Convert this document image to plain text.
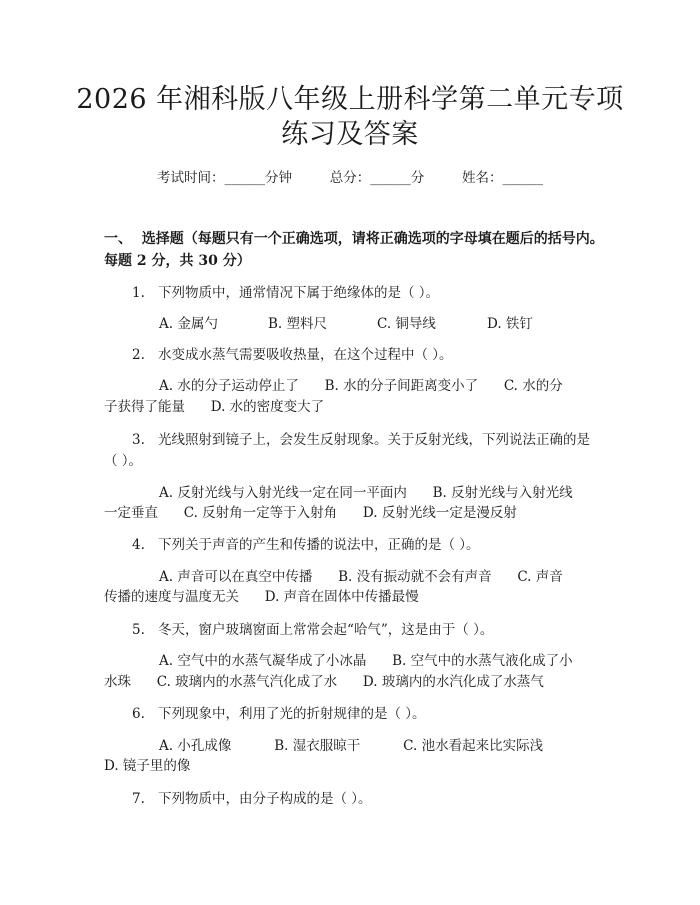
2026 年湘科版八年级上册科学第二单元专项
练习及答案
考试时间：______分钟      总分：______分      姓名：______
一、  选择题（每题只有一个正确选项，请将正确选项的字母填在题后的括号内。
每题 2 分，共 30 分）
1. 下列物质中，通常情况下属于绝缘体的是（ ）。
A. 金属勺	B. 塑料尺	C. 铜导线	D. 铁钉
2. 水变成水蒸气需要吸收热量，在这个过程中（ ）。
A. 水的分子运动停止了      B. 水的分子间距离变小了      C. 水的分
子获得了能量      D. 水的密度变大了
3. 光线照射到镜子上，会发生反射现象。关于反射光线，下列说法正确的是
（ ）。
A. 反射光线与入射光线一定在同一平面内      B. 反射光线与入射光线
一定垂直      C. 反射角一定等于入射角      D. 反射光线一定是漫反射
4. 下列关于声音的产生和传播的说法中，正确的是（ ）。
A. 声音可以在真空中传播      B. 没有振动就不会有声音      C. 声音
传播的速度与温度无关      D. 声音在固体中传播最慢
5. 冬天，窗户玻璃窗面上常常会起“哈气”，这是由于（ ）。
A. 空气中的水蒸气凝华成了小冰晶      B. 空气中的水蒸气液化成了小
水珠      C. 玻璃内的水蒸气汽化成了水      D. 玻璃内的水汽化成了水蒸气
6. 下列现象中，利用了光的折射规律的是（ ）。
A. 小孔成像          B. 湿衣服晾干          C. 池水看起来比实际浅
D. 镜子里的像
7. 下列物质中，由分子构成的是（ ）。
